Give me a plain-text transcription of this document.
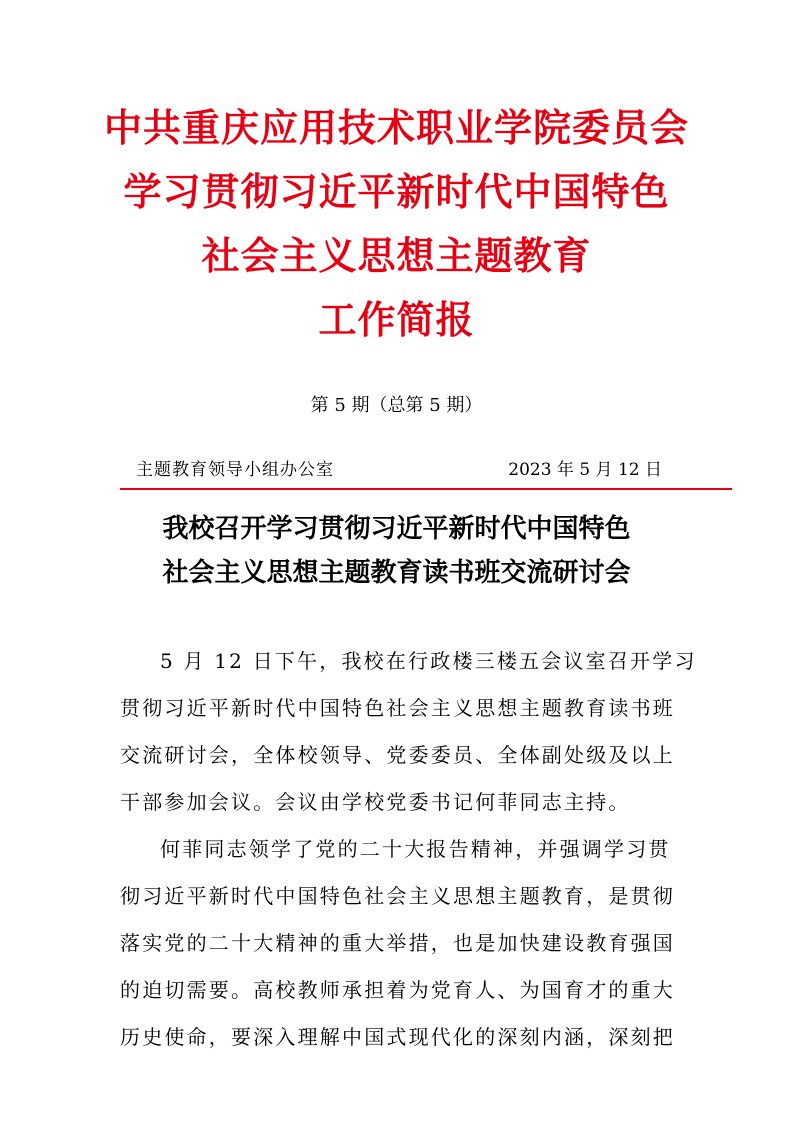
中共重庆应用技术职业学院委员会
学习贯彻习近平新时代中国特色
社会主义思想主题教育
工作简报
第 5 期（总第 5 期）
主题教育领导小组办公室	2023 年 5 月 12 日
我校召开学习贯彻习近平新时代中国特色
社会主义思想主题教育读书班交流研讨会
5 月 12 日下午，我校在行政楼三楼五会议室召开学习
贯彻习近平新时代中国特色社会主义思想主题教育读书班
交流研讨会，全体校领导、党委委员、全体副处级及以上
干部参加会议。会议由学校党委书记何菲同志主持。
何菲同志领学了党的二十大报告精神，并强调学习贯
彻习近平新时代中国特色社会主义思想主题教育，是贯彻
落实党的二十大精神的重大举措，也是加快建设教育强国
的迫切需要。高校教师承担着为党育人、为国育才的重大
历史使命，要深入理解中国式现代化的深刻内涵，深刻把
